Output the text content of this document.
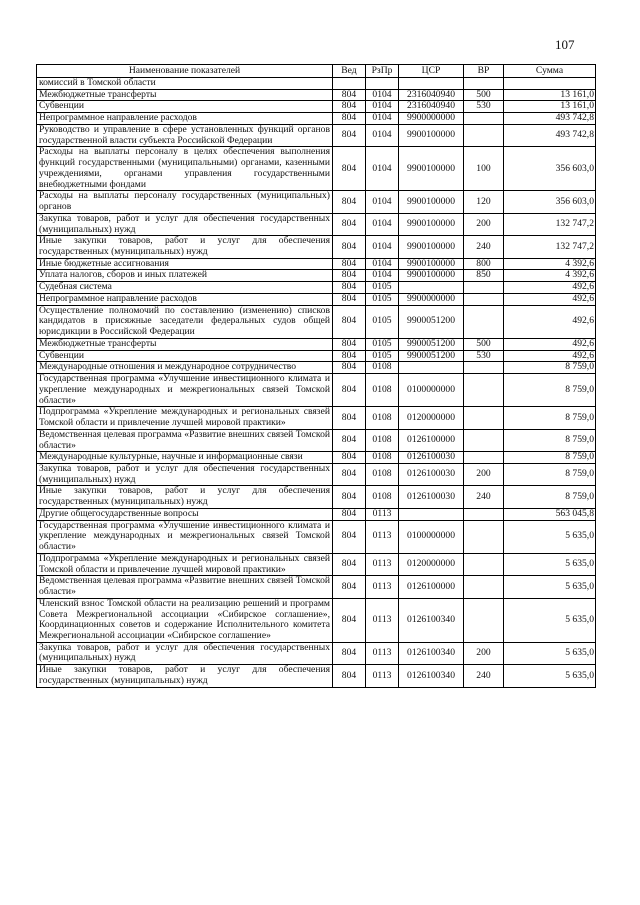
107
Наименование показателей	Вед	РзПр	ЦСР	ВР	Сумма
комиссий в Томской области					
Межбюджетные трансферты	804	0104	2316040940	500	13 161,0
Субвенции	804	0104	2316040940	530	13 161,0
Непрограммное направление расходов	804	0104	9900000000		493 742,8
Руководство и управление в сфере установленных функций органов государственной власти субъекта Российской Федерации	804	0104	9900100000		493 742,8
Расходы на выплаты персоналу в целях обеспечения выполнения функций государственными (муниципальными) органами, казенными учреждениями, органами управления государственными внебюджетными фондами	804	0104	9900100000	100	356 603,0
Расходы на выплаты персоналу государственных (муниципальных) органов	804	0104	9900100000	120	356 603,0
Закупка товаров, работ и услуг для обеспечения государственных (муниципальных) нужд	804	0104	9900100000	200	132 747,2
Иные закупки товаров, работ и услуг для обеспечения государственных (муниципальных) нужд	804	0104	9900100000	240	132 747,2
Иные бюджетные ассигнования	804	0104	9900100000	800	4 392,6
Уплата налогов, сборов и иных платежей	804	0104	9900100000	850	4 392,6
Судебная система	804	0105			492,6
Непрограммное направление расходов	804	0105	9900000000		492,6
Осуществление полномочий по составлению (изменению) списков кандидатов в присяжные заседатели федеральных судов общей юрисдикции в Российской Федерации	804	0105	9900051200		492,6
Межбюджетные трансферты	804	0105	9900051200	500	492,6
Субвенции	804	0105	9900051200	530	492,6
Международные отношения и международное сотрудничество	804	0108			8 759,0
Государственная программа «Улучшение инвестиционного климата и укрепление международных и межрегиональных связей Томской области»	804	0108	0100000000		8 759,0
Подпрограмма «Укрепление международных и региональных связей Томской области и привлечение лучшей мировой практики»	804	0108	0120000000		8 759,0
Ведомственная целевая программа «Развитие внешних связей Томской области»	804	0108	0126100000		8 759,0
Международные культурные, научные и информационные связи	804	0108	0126100030		8 759,0
Закупка товаров, работ и услуг для обеспечения государственных (муниципальных) нужд	804	0108	0126100030	200	8 759,0
Иные закупки товаров, работ и услуг для обеспечения государственных (муниципальных) нужд	804	0108	0126100030	240	8 759,0
Другие общегосударственные вопросы	804	0113			563 045,8
Государственная программа «Улучшение инвестиционного климата и укрепление международных и межрегиональных связей Томской области»	804	0113	0100000000		5 635,0
Подпрограмма «Укрепление международных и региональных связей Томской области и привлечение лучшей мировой практики»	804	0113	0120000000		5 635,0
Ведомственная целевая программа «Развитие внешних связей Томской области»	804	0113	0126100000		5 635,0
Членский взнос Томской области на реализацию решений и программ Совета Межрегиональной ассоциации «Сибирское соглашение», Координационных советов и содержание Исполнительного комитета Межрегиональной ассоциации «Сибирское соглашение»	804	0113	0126100340		5 635,0
Закупка товаров, работ и услуг для обеспечения государственных (муниципальных) нужд	804	0113	0126100340	200	5 635,0
Иные закупки товаров, работ и услуг для обеспечения государственных (муниципальных) нужд	804	0113	0126100340	240	5 635,0
